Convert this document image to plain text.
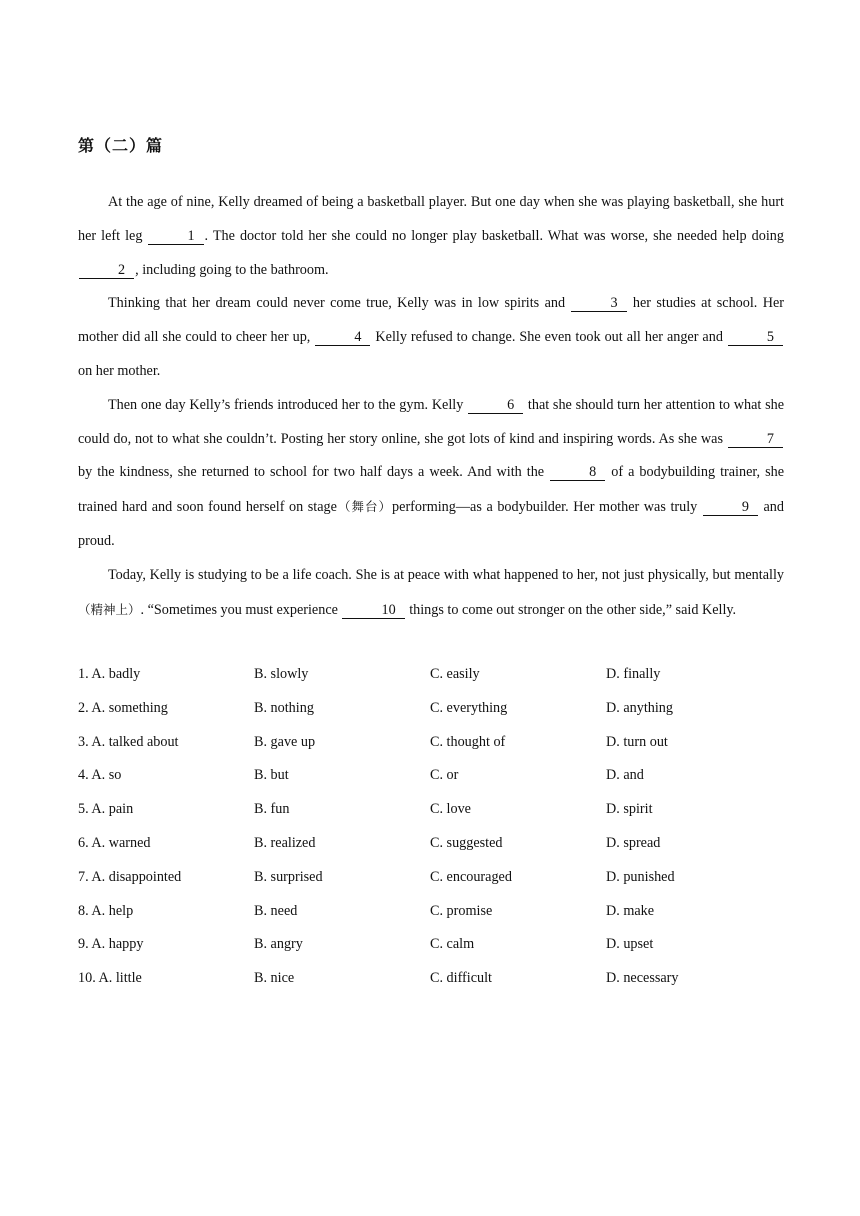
第（二）篇

At the age of nine, Kelly dreamed of being a basketball player. But one day when she was playing basketball, she hurt her left leg	1 . The doctor told her she could no longer play basketball. What was worse, she needed help doing 2 , including going to the bathroom.

Thinking that her dream could never come true, Kelly was in low spirits and	3 her studies at school. Her mother did all she could to cheer her up,	4 Kelly refused to change. She even took out all her anger and	5 on her mother.

Then one day Kelly’s friends introduced her to the gym. Kelly	6 that she should turn her attention to what she could do, not to what she couldn’t. Posting her story online, she got lots of kind and inspiring words. As she was	7 by the kindness, she returned to school for two half days a week. And with the	8 of a bodybuilding trainer, she trained hard and soon found herself on stage（舞台）performing—as a bodybuilder. Her mother was truly	9 and proud.

Today, Kelly is studying to be a life coach. She is at peace with what happened to her, not just physically, but mentally（精神上）. “Sometimes you must experience	10 things to come out stronger on the other side,” said Kelly.

1. A. badly	B. slowly	C. easily	D. finally
2. A. something	B. nothing	C. everything	D. anything
3. A. talked about	B. gave up	C. thought of	D. turn out
4. A. so	B. but	C. or	D. and
5. A. pain	B. fun	C. love	D. spirit
6. A. warned	B. realized	C. suggested	D. spread
7. A. disappointed	B. surprised	C. encouraged	D. punished
8. A. help	B. need	C. promise	D. make
9. A. happy	B. angry	C. calm	D. upset
10. A. little	B. nice	C. difficult	D. necessary
